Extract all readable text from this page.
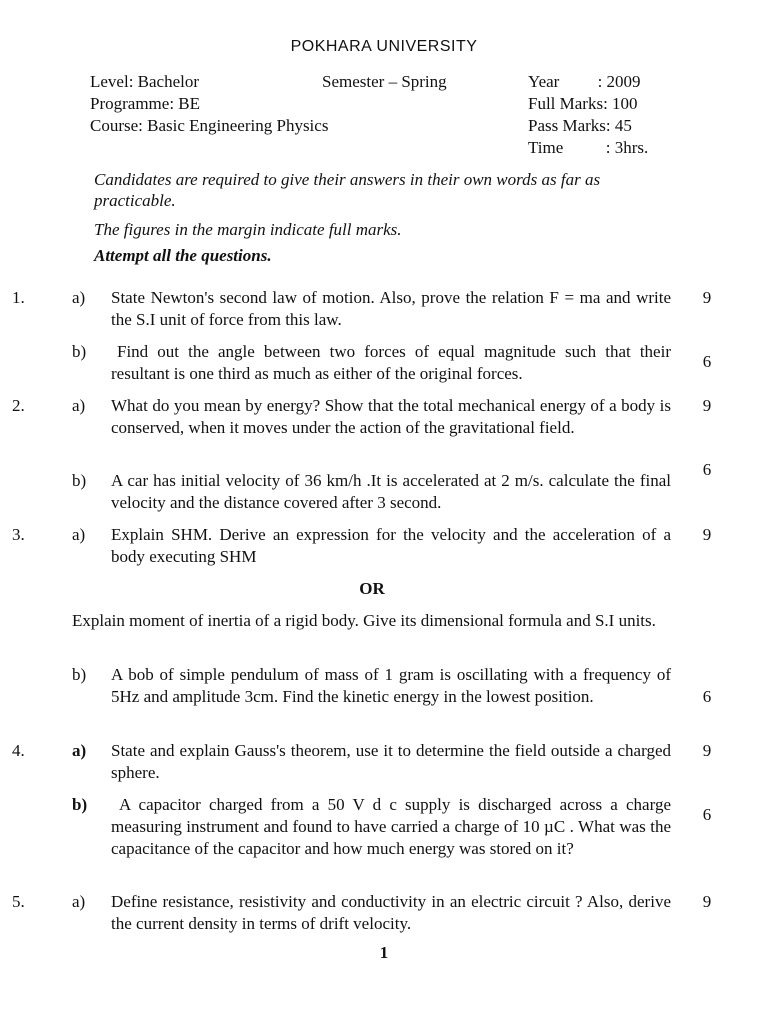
POKHARA UNIVERSITY
Level: Bachelor	Semester – Spring	Year         : 2009
Programme: BE	Full Marks: 100
Course: Basic Engineering Physics	Pass Marks: 45
Time          : 3hrs.
Candidates are required to give their answers in their own words as far as practicable.
The figures in the margin indicate full marks.
Attempt all the questions.
1.	a) State Newton's second law of motion. Also, prove the relation F = ma and write the S.I unit of force from this law.
9
b)	Find out the angle between two forces of equal magnitude such that their resultant is one third as much as either of the original forces.
6
2.	a) What do you mean by energy? Show that the total mechanical energy of a body is conserved, when it moves under the action of the gravitational field.
9
b) A car has initial velocity of 36 km/h .It is accelerated at 2 m/s. calculate the final velocity and the distance covered after 3 second.
6
3.	a) Explain SHM. Derive an expression for the velocity and the acceleration of a body executing SHM
9
OR
Explain moment of inertia of a rigid body. Give its dimensional formula and S.I units.
b) A bob of simple pendulum of mass of 1 gram is oscillating with a frequency of 5Hz and amplitude 3cm. Find the kinetic energy in the lowest position.	6
4.	a) State and explain Gauss's theorem, use it to determine the field outside a charged sphere.
9
b)	A capacitor charged from a 50 V d c supply is discharged across a charge measuring instrument and found to have carried a charge of 10 µC . What was the capacitance of the capacitor and how much energy was stored on it?
6
5.	a) Define resistance, resistivity and conductivity in an electric circuit ? Also, derive the current density in terms of drift velocity.
9
1
